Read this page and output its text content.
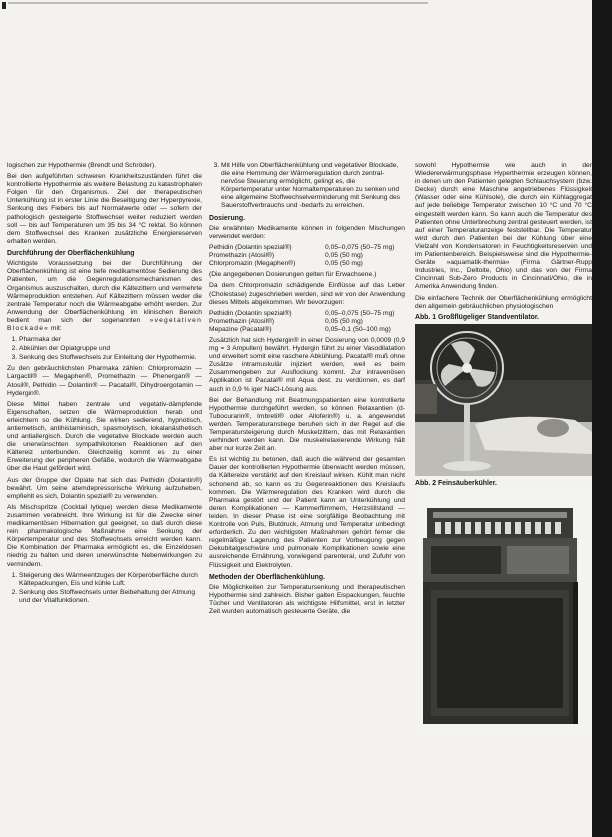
logischen zur Hypothermie (Brendt und Schröder).

Bei den aufgeführten schweren Krankheitszuständen führt die kontrollierte Hypothermie als weitere Belastung zu katastrophalen Folgen für den Organismus. Ziel der therapeutischen Unterkühlung ist in erster Linie die Beseitigung der Hyperpyrexie, Senkung des Fiebers bis auf Normalwerte oder — sofern der pathologisch gesteigerte Stoffwechsel weiter reduziert werden soll — bis auf Temperaturen um 35 bis 34 °C rektal. So können dem Stoffwechsel des Kranken zusätzliche Energiereserven erhalten werden.

Durchführung der Oberflächenkühlung

Wichtigste Voraussetzung bei der Durchführung der Oberflächenkühlung ist eine tiefe medikamentöse Sedierung des Patienten, um die Gegenregulationsmechanismen des Organismus auszuschalten, durch die Kältezittern und vermehrte Wärmeproduktion entstehen. Auf Kältezittern müssen weder die zentrale Temperatur noch die Wärmeabgabe erhöht werden. Zur Anwendung der Oberflächenkühlung im klinischen Bereich bedient man sich der sogenannten »vegetativen Blockade« mit:

1. Pharmaka der
2. Abkühlen der Opiatgruppe und
3. Senkung des Stoffwechsels zur Einleitung der Hypothermie.

Zu den gebräuchlichsten Pharmaka zählen: Chlorpromazin — Largactil® — Megaphen®, Promethazin — Phenergan® — Atosil®, Pethidin — Dolantin® — Pacatal®, Dihydroergotamin — Hydergin®.

Diese Mittel haben zentrale und vegetativ-dämpfende Eigenschaften, setzen die Wärmeproduktion herab und erleichtern so die Kühlung. Sie wirken sedierend, hypnotisch, antiemetisch, antihistaminisch, spasmolytisch, lokalanästhetisch und antiallergisch. Durch die vegetative Blockade werden auch die unerwünschten sympathikotonen Reaktionen auf den Kältereiz unterbunden. Gleichzeitig kommt es zu einer Erweiterung der peripheren Gefäße, wodurch die Wärmeabgabe über die Haut gefördert wird.

Aus der Gruppe der Opiate hat sich das Pethidin (Dolantin®) bewährt. Um seine atemdepressorische Wirkung aufzuheben, empfiehlt es sich, Dolantin spezial® zu verwenden.

Als Mischspritze (Cocktail lytique) werden diese Medikamente zusammen verabreicht. Ihre Wirkung ist für die Zwecke einer medikamentösen Hibernation gut geeignet, so daß durch diese rein pharmakologische Maßnahme eine Senkung der Körpertemperatur und des Stoffwechsels erreicht werden kann. Die Kombination der Pharmaka ermöglicht es, die Einzeldosen niedrig zu halten und deren unerwünschte Nebenwirkungen zu vermindern.

1. Steigerung des Wärmeentzuges der Körperoberfläche durch Kältepackungen, Eis und kühle Luft.
2. Senkung des Stoffwechsels unter Beibehaltung der Atmung und der Vitalfunktionen.
3. Mit Hilfe von Oberflächenkühlung und vegetativer Blockade, die eine Hemmung der Wärmeregulation durch zentral-nervöse Steuerung ermöglicht, gelingt es, die Körpertemperatur unter Normaltemperaturen zu senken und eine allgemeine Stoffwechselverminderung mit Senkung des Sauerstoffverbrauchs und -bedarfs zu erreichen.
Dosierung.

Die erwähnten Medikamente können in folgenden Mischungen verwendet werden:

Pethidin (Dolantin spezial®)	0,05–0,075 (50–75 mg)
Promethazin (Atosil®)	0,05 (50 mg)
Chlorpromazin (Megaphen®)	0,05 (50 mg)

(Die angegebenen Dosierungen gelten für Erwachsene.)

Da dem Chlorpromazin schädigende Einflüsse auf das Leber (Cholestase) zugeschrieben werden, sind wir von der Anwendung dieses Mittels abgekommen. Wir bevorzugen:

Pethidin (Dolantin spezial®)	0,05–0,075 (50–75 mg)
Promethazin (Atosil®)	0,05 (50 mg)
Mepazine (Pacatal®)	0,05–0,1 (50–100 mg)

Zusätzlich hat sich Hydergin® in einer Dosierung von 0,0009 (0,9 mg = 3 Ampullen) bewährt. Hydergin führt zu einer Vasodilatation und erweitert somit eine raschere Abkühlung. Pacatal® muß ohne Zusätze intramuskulär injiziert werden, weil es beim Zusammengeben zur Ausflockung kommt. Zur intravenösen Applikation ist Pacatal® mit Aqua dest. zu verdünnen, es darf auch in 0,9 % iger NaCl-Lösung aus.

Bei der Behandlung mit Beatmungspatienten eine kontrollierte Hypothermie durchgeführt werden, so können Relaxantien (d-Tubocurarin®, Imbretil® oder Alloferin®) u. a. angewendet werden. Temperaturanstiege beruhen sich in der Regel auf die Temperatursteigerung durch Muskelzittern, das mit Relaxantien verhindert werden kann. Die muskelrelaxierende Wirkung hält aber nur kurze Zeit an.

Es ist wichtig zu betonen, daß auch die während der gesamten Dauer der kontrollierten Hypothermie überwacht werden müssen, da Kältereize verstärkt auf den Kreislauf wirken. Kühlt man nicht schonend ab, so kann es zu Gegenreaktionen des Kreislaufs kommen. Die Wärmeregulation des Kranken wird durch die Pharmaka gestört und der Patient kann an Unterkühlung und deren Komplikationen — Kammerflimmern, Herzstillstand — leiden. In dieser Phase ist eine sorgfältige Beobachtung mit Kontrolle von Puls, Blutdruck, Atmung und Temperatur unbedingt erforderlich. Zu den wichtigsten Maßnahmen gehört ferner die regelmäßige Lagerung des Patienten zur Vorbeugung gegen Dekubitalgeschwüre und pulmonale Komplikationen sowie eine ausreichende Ernährung, vorwiegend parenteral, und Zufuhr von Flüssigkeit und Elektrolyten.

Methoden der Oberflächenkühlung.

Die Möglichkeiten zur Temperatursenkung und therapeutischen Hypothermie sind zahlreich. Bisher galten Eispackungen, feuchte Tücher und Ventilatoren als wichtigste Hilfsmittel, erst in letzter Zeit wurden automatisch gesteuerte Geräte, die

sowohl Hypothermie wie auch in der Wiedererwärmungsphase Hyperthermie erzeugen können, in denen um den Patienten gelegten Schlauchsystem (bzw. Decke) durch eine Maschine angetriebenes Flüssigkeit (Wasser oder eine Kühlsole), die durch ein Kühlaggregat auf jede beliebige Temperatur zwischen 10 °C und 70 °C eingestellt werden kann. So kann auch die Temperatur des Patienten ohne Unterbrechung zentral gesteuert werden, ist auf einer Temperaturanzeige feststellbar. Die Temperatur wird durch den Patienten bei der Kühlung über eine Vielzahl von Kondensatoren in Feuchtigkeitsreserven und im Patientenbereich. Beispielsweise sind die Hypothermie-Geräte »aquamatik-thermia« (Firma Gärtner-Rupp Industries, Inc., Deltoite, Ohio) und das von der Firma Cincinnati Sub-Zero Products in Cincinnati/Ohio, die in Amerika Anwendung finden.

Die einfachere Technik der Oberflächenkühlung ermöglicht den allgemein gebräuchlichen physiologischen

Abb. 1 Großflügeliger Standventilator.
Abb. 2 Feinsäuberkühler.
